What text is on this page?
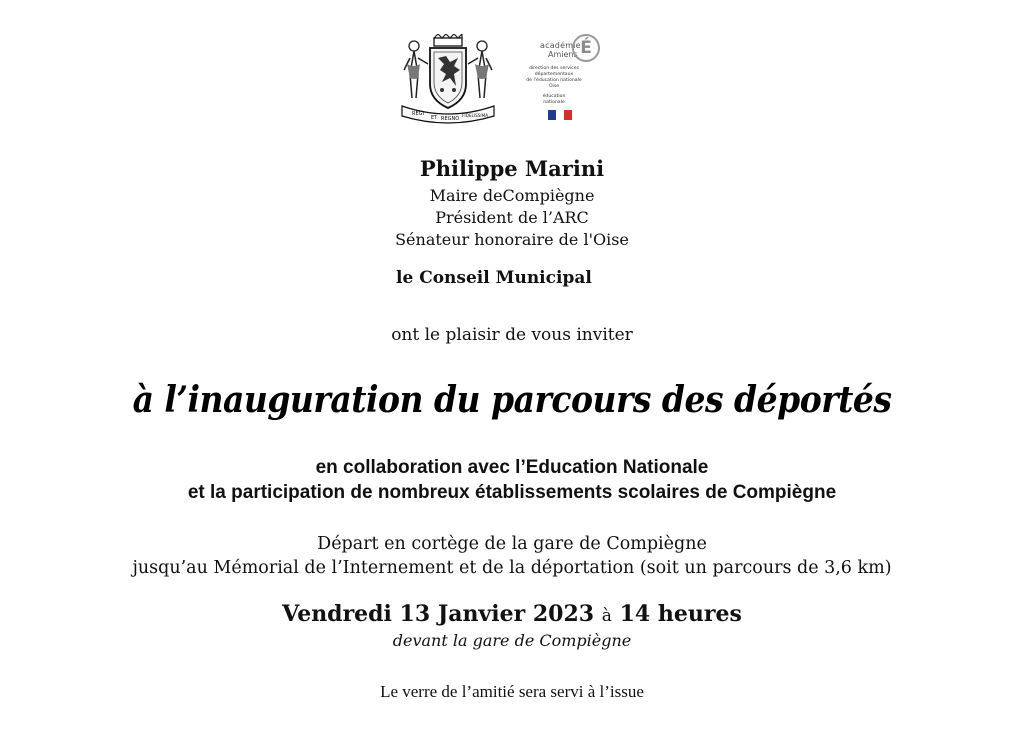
REGI
ET REGNO
FIDELISSIMA
académie
Amiens É
direction des services
départementaux
de l'éducation nationale
Oise
éducation
nationale
Philippe Marini
Maire deCompiègne
Président de l’ARC
Sénateur honoraire de l'Oise
le Conseil Municipal
ont le plaisir de vous inviter
à l’inauguration du parcours des déportés
en collaboration avec l’Education Nationale
et la participation de nombreux établissements scolaires de Compiègne
Départ en cortège de la gare de Compiègne
jusqu’au Mémorial de l’Internement et de la déportation (soit un parcours de 3,6 km)
Vendredi 13 Janvier 2023 à 14 heures
devant la gare de Compiègne
Le verre de l’amitié sera servi à l’issue
